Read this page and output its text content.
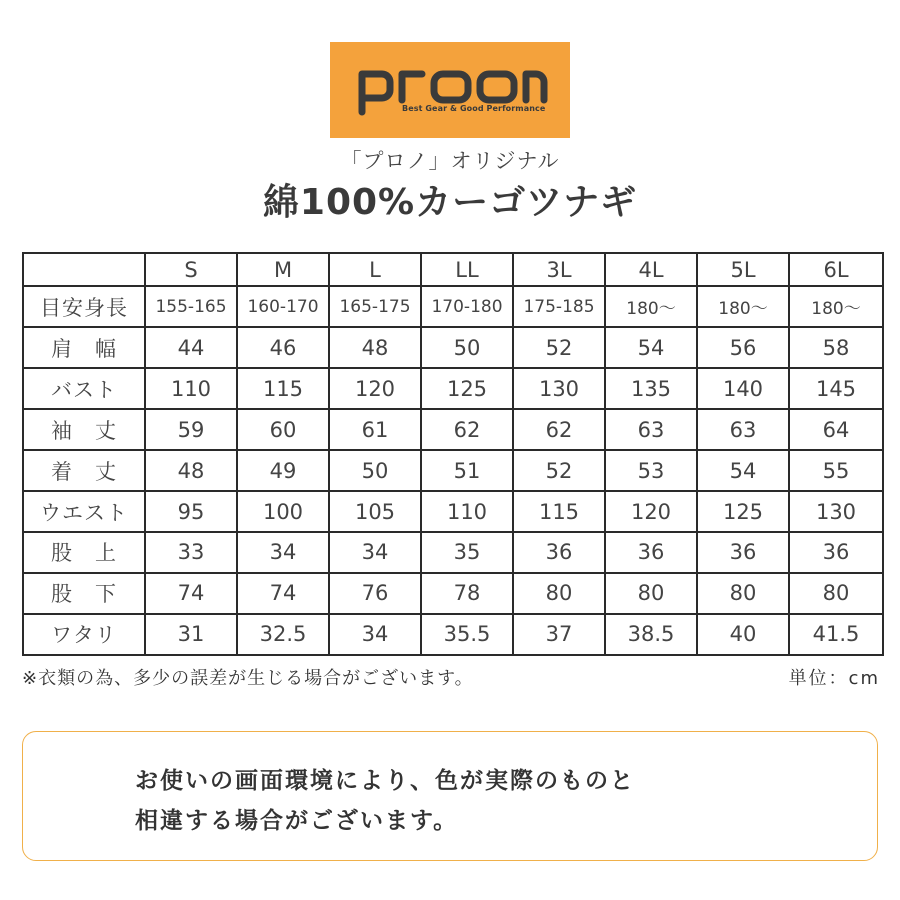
Best Gear & Good Performance
「プロノ」オリジナル
綿100%カーゴツナギ
	S	M	L	LL	3L	4L	5L	6L
目安身長	155-165	160-170	165-175	170-180	175-185	180〜	180〜	180〜
肩　幅	44	46	48	50	52	54	56	58
バスト	110	115	120	125	130	135	140	145
袖　丈	59	60	61	62	62	63	63	64
着　丈	48	49	50	51	52	53	54	55
ウエスト	95	100	105	110	115	120	125	130
股　上	33	34	34	35	36	36	36	36
股　下	74	74	76	78	80	80	80	80
ワタリ	31	32.5	34	35.5	37	38.5	40	41.5
※衣類の為、多少の誤差が生じる場合がございます。	単位：cm
お使いの画面環境により、色が実際のものと
相違する場合がございます。
